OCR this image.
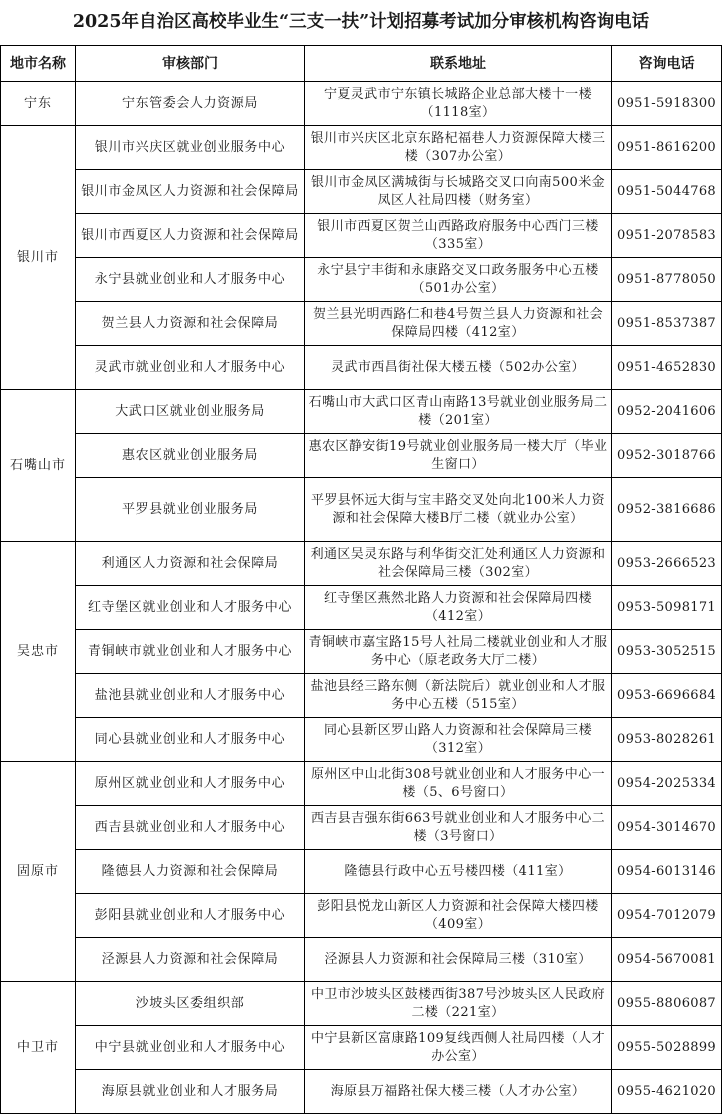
2025年自治区高校毕业生“三支一扶”计划招募考试加分审核机构咨询电话
地市名称	审核部门	联系地址	咨询电话
宁东	宁东管委会人力资源局	宁夏灵武市宁东镇长城路企业总部大楼十一楼（1118室）	0951-5918300
银川市	银川市兴庆区就业创业服务中心	银川市兴庆区北京东路杞福巷人力资源保障大楼三楼（307办公室）	0951-8616200
	银川市金凤区人力资源和社会保障局	银川市金凤区满城街与长城路交叉口向南500米金凤区人社局四楼（财务室）	0951-5044768
	银川市西夏区人力资源和社会保障局	银川市西夏区贺兰山西路政府服务中心西门三楼（335室）	0951-2078583
	永宁县就业创业和人才服务中心	永宁县宁丰街和永康路交叉口政务服务中心五楼（501办公室）	0951-8778050
	贺兰县人力资源和社会保障局	贺兰县光明西路仁和巷4号贺兰县人力资源和社会保障局四楼（412室）	0951-8537387
	灵武市就业创业和人才服务中心	灵武市西昌街社保大楼五楼（502办公室）	0951-4652830
石嘴山市	大武口区就业创业服务局	石嘴山市大武口区青山南路13号就业创业服务局二楼（201室）	0952-2041606
	惠农区就业创业服务局	惠农区静安街19号就业创业服务局一楼大厅（毕业生窗口）	0952-3018766
	平罗县就业创业服务局	平罗县怀远大街与宝丰路交叉处向北100米人力资源和社会保障大楼B厅二楼（就业办公室）	0952-3816686
吴忠市	利通区人力资源和社会保障局	利通区吴灵东路与利华街交汇处利通区人力资源和社会保障局三楼（302室）	0953-2666523
	红寺堡区就业创业和人才服务中心	红寺堡区燕然北路人力资源和社会保障局四楼（412室）	0953-5098171
	青铜峡市就业创业和人才服务中心	青铜峡市嘉宝路15号人社局二楼就业创业和人才服务中心（原老政务大厅二楼）	0953-3052515
	盐池县就业创业和人才服务中心	盐池县经三路东侧（新法院后）就业创业和人才服务中心五楼（515室）	0953-6696684
	同心县就业创业和人才服务中心	同心县新区罗山路人力资源和社会保障局三楼（312室）	0953-8028261
固原市	原州区就业创业和人才服务中心	原州区中山北街308号就业创业和人才服务中心一楼（5、6号窗口）	0954-2025334
	西吉县就业创业和人才服务中心	西吉县吉强东街663号就业创业和人才服务中心二楼（3号窗口）	0954-3014670
	隆德县人力资源和社会保障局	隆德县行政中心五号楼四楼（411室）	0954-6013146
	彭阳县就业创业和人才服务中心	彭阳县悦龙山新区人力资源和社会保障大楼四楼（409室）	0954-7012079
	泾源县人力资源和社会保障局	泾源县人力资源和社会保障局三楼（310室）	0954-5670081
中卫市	沙坡头区委组织部	中卫市沙坡头区鼓楼西街387号沙坡头区人民政府二楼（221室）	0955-8806087
	中宁县就业创业和人才服务中心	中宁县新区富康路109复线西侧人社局四楼（人才办公室）	0955-5028899
	海原县就业创业和人才服务局	海原县万福路社保大楼三楼（人才办公室）	0955-4621020
